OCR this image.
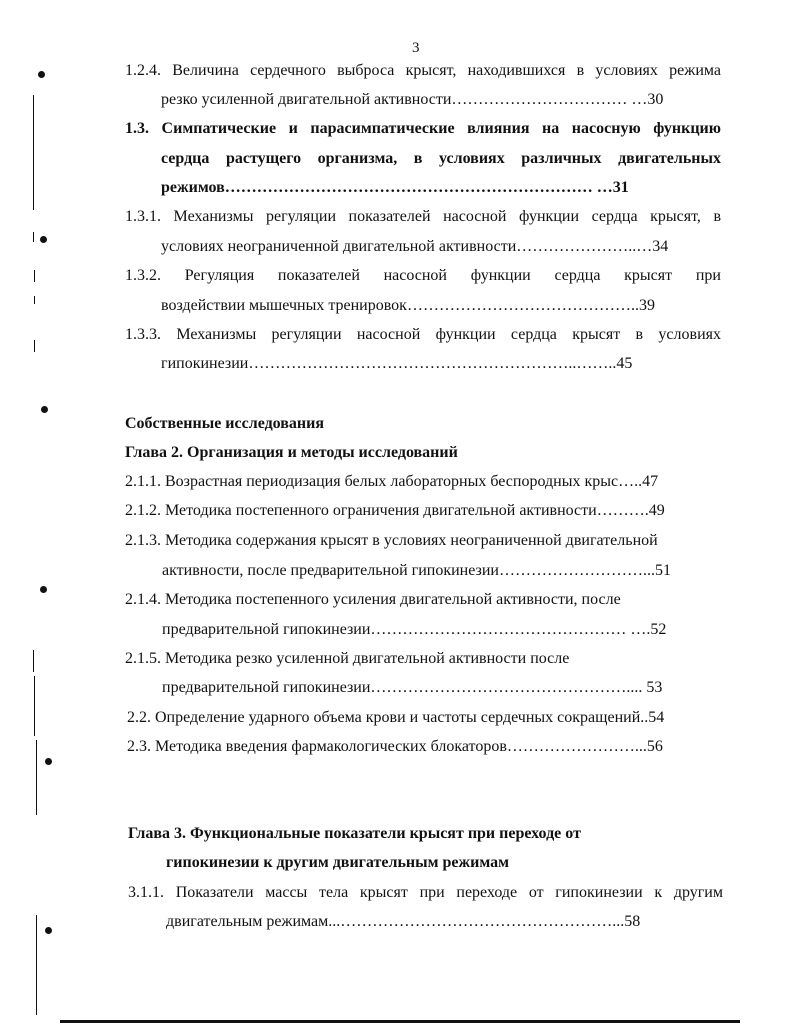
3
1.2.4. Величина сердечного выброса крысят, находившихся в условиях режима
резко усиленной двигательной активности…………………………… …30
1.3. Симпатические и парасимпатические влияния на насосную функцию
сердца растущего организма, в условиях различных двигательных
режимов…………………………………………………………… …31
1.3.1. Механизмы регуляции показателей насосной функции сердца крысят, в
условиях неограниченной двигательной активности…………………..…34
1.3.2. Регуляция показателей насосной функции сердца крысят при
воздействии мышечных тренировок……………………………………..39
1.3.3. Механизмы регуляции насосной функции сердца крысят в условиях
гипокинезии……………………………………………………..……..45
Собственные исследования
Глава 2. Организация и методы исследований
2.1.1. Возрастная периодизация белых лабораторных беспородных крыс…..47
2.1.2. Методика постепенного ограничения двигательной активности……….49
2.1.3. Методика содержания крысят в условиях неограниченной двигательной
активности, после предварительной гипокинезии………………………...51
2.1.4. Методика постепенного усиления двигательной активности, после
предварительной гипокинезии………………………………………… ….52
2.1.5. Методика резко усиленной двигательной активности после
предварительной гипокинезии………………………………………….... 53
2.2. Определение ударного объема крови и частоты сердечных сокращений..54
2.3. Методика введения фармакологических блокаторов……………………...56
Глава 3. Функциональные показатели крысят при переходе от
гипокинезии к другим двигательным режимам
3.1.1. Показатели массы тела крысят при переходе от гипокинезии к другим
двигательным режимам...……………………………………………...58
